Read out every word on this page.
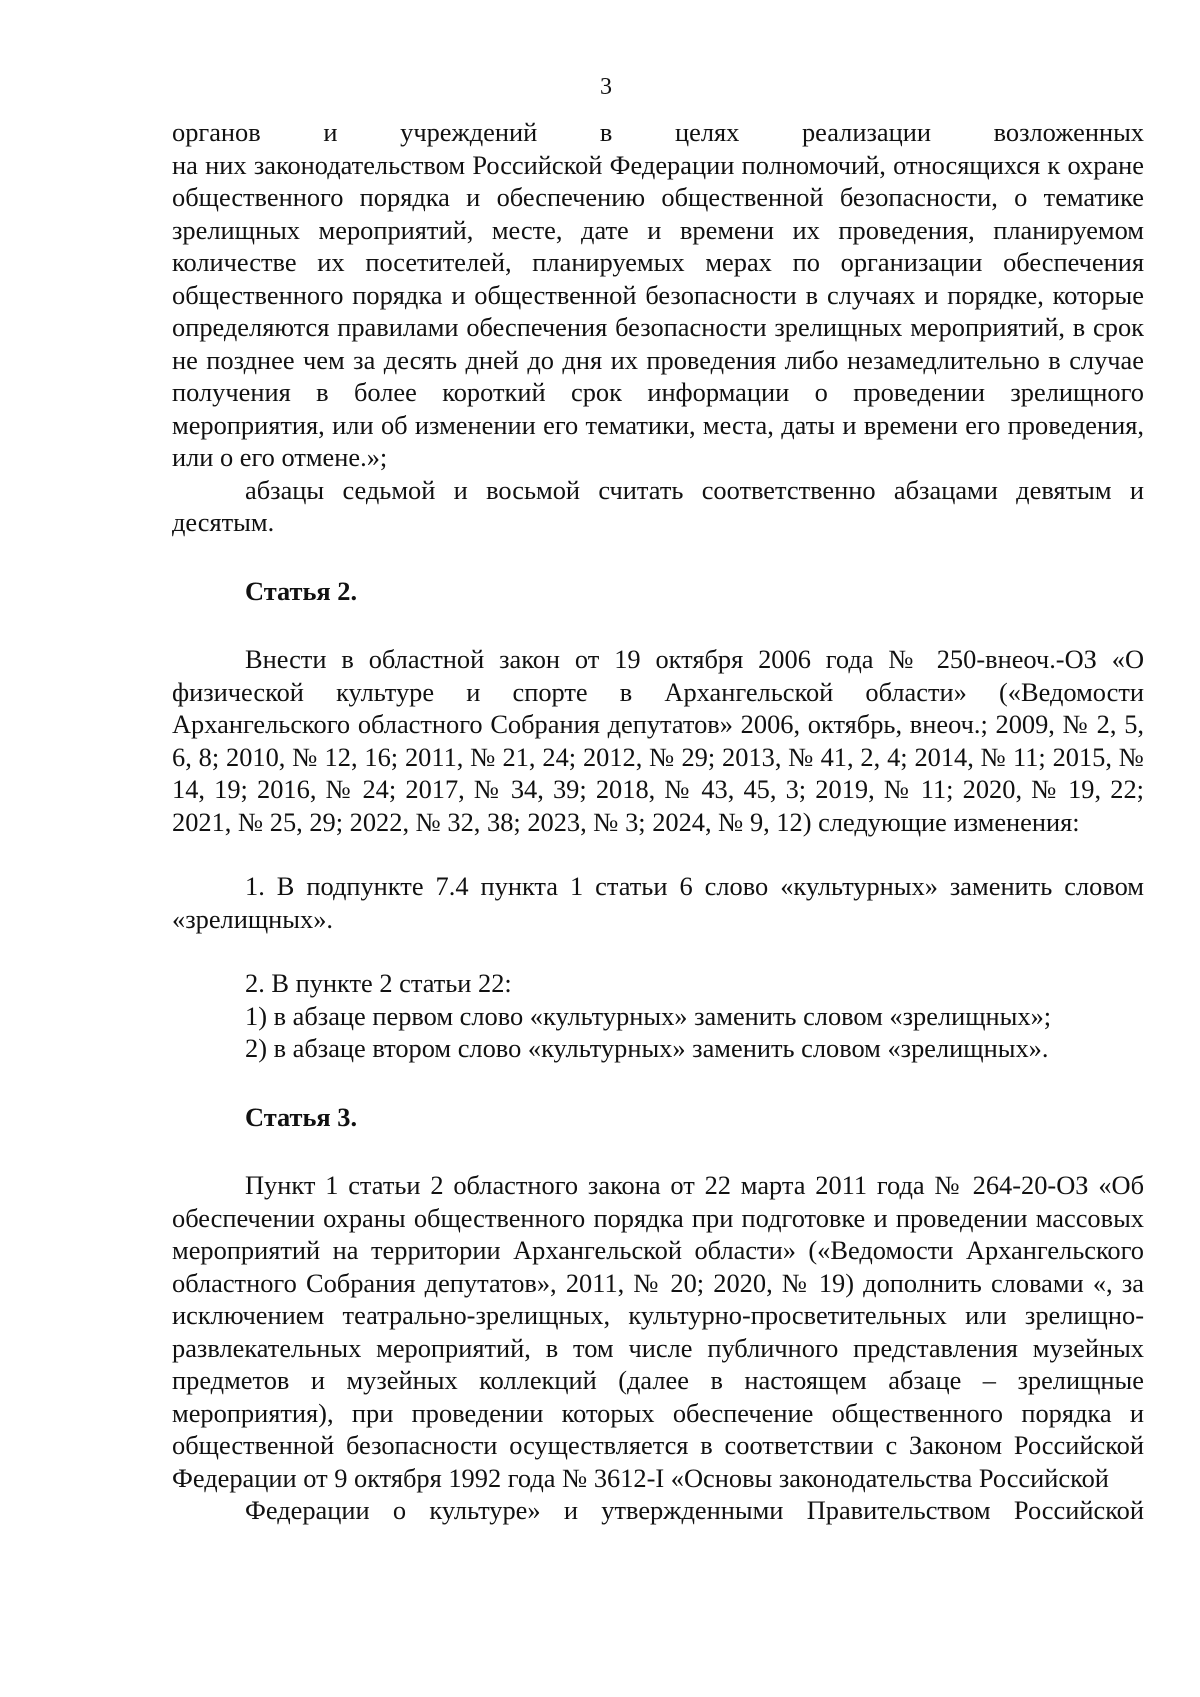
3

органов и учреждений в целях реализации возложенных
на них законодательством Российской Федерации полномочий, относящихся к охране общественного порядка и обеспечению общественной безопасности, о тематике зрелищных мероприятий, месте, дате и времени их проведения, планируемом количестве их посетителей, планируемых мерах по организации обеспечения общественного порядка и общественной безопасности в случаях и порядке, которые определяются правилами обеспечения безопасности зрелищных мероприятий, в срок не позднее чем за десять дней до дня их проведения либо незамедлительно в случае получения в более короткий срок информации о проведении зрелищного мероприятия, или об изменении его тематики, места, даты и времени его проведения, или о его отмене.»;

абзацы седьмой и восьмой считать соответственно абзацами девятым и десятым.

Статья 2.

Внести в областной закон от 19 октября 2006 года № 250-внеоч.-ОЗ «О физической культуре и спорте в Архангельской области» («Ведомости Архангельского областного Собрания депутатов» 2006, октябрь, внеоч.; 2009, № 2, 5, 6, 8; 2010, № 12, 16; 2011, № 21, 24; 2012, № 29; 2013, № 41, 2, 4; 2014, № 11; 2015, № 14, 19; 2016, № 24; 2017, № 34, 39; 2018, № 43, 45, 3; 2019, № 11; 2020, № 19, 22; 2021, № 25, 29; 2022, № 32, 38; 2023, № 3; 2024, № 9, 12) следующие изменения:

1. В подпункте 7.4 пункта 1 статьи 6 слово «культурных» заменить словом «зрелищных».

2. В пункте 2 статьи 22:

1) в абзаце первом слово «культурных» заменить словом «зрелищных»;

2) в абзаце втором слово «культурных» заменить словом «зрелищных».

Статья 3.

Пункт 1 статьи 2 областного закона от 22 марта 2011 года № 264-20-ОЗ «Об обеспечении охраны общественного порядка при подготовке и проведении массовых мероприятий на территории Архангельской области» («Ведомости Архангельского областного Собрания депутатов», 2011, № 20; 2020, № 19) дополнить словами «, за исключением театрально-зрелищных, культурно-просветительных или зрелищно-развлекательных мероприятий, в том числе публичного представления музейных предметов и музейных коллекций (далее в настоящем абзаце – зрелищные мероприятия), при проведении которых обеспечение общественного порядка и общественной безопасности осуществляется в соответствии с Законом Российской Федерации от 9 октября 1992 года № 3612-I «Основы законодательства Российской
Федерации о культуре» и утвержденными Правительством Российской
